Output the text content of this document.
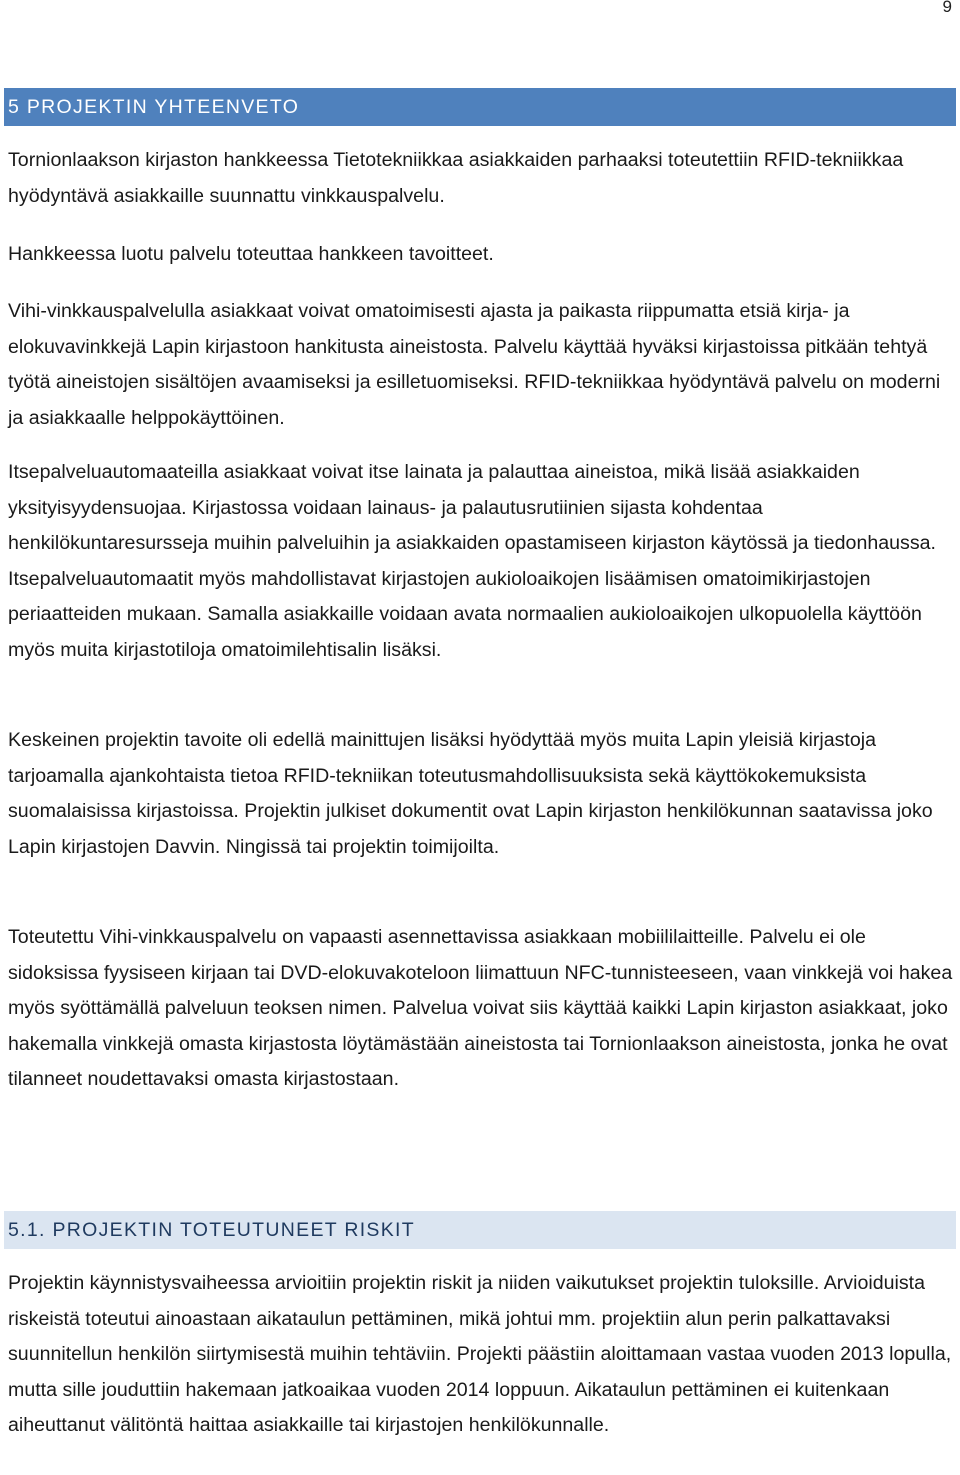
9
5 PROJEKTIN YHTEENVETO

Tornionlaakson kirjaston hankkeessa Tietotekniikkaa asiakkaiden parhaaksi toteutettiin RFID-tekniikkaa hyödyntävä asiakkaille suunnattu vinkkauspalvelu.

Hankkeessa luotu palvelu toteuttaa hankkeen tavoitteet.

Vihi-vinkkauspalvelulla asiakkaat voivat omatoimisesti ajasta ja paikasta riippumatta etsiä kirja- ja elokuvavinkkejä Lapin kirjastoon hankitusta aineistosta. Palvelu käyttää hyväksi kirjastoissa pitkään tehtyä työtä aineistojen sisältöjen avaamiseksi ja esilletuomiseksi. RFID-tekniikkaa hyödyntävä palvelu on moderni ja asiakkaalle helppokäyttöinen.

Itsepalveluautomaateilla asiakkaat voivat itse lainata ja palauttaa aineistoa, mikä lisää asiakkaiden yksityisyydensuojaa. Kirjastossa voidaan lainaus- ja palautusrutiinien sijasta kohdentaa henkilökuntaresursseja muihin palveluihin ja asiakkaiden opastamiseen kirjaston käytössä ja tiedonhaussa. Itsepalveluautomaatit myös mahdollistavat kirjastojen aukioloaikojen lisäämisen omatoimikirjastojen periaatteiden mukaan. Samalla asiakkaille voidaan avata normaalien aukioloaikojen ulkopuolella käyttöön myös muita kirjastotiloja omatoimilehtisalin lisäksi.

Keskeinen projektin tavoite oli edellä mainittujen lisäksi hyödyttää myös muita Lapin yleisiä kirjastoja tarjoamalla ajankohtaista tietoa RFID-tekniikan toteutusmahdollisuuksista sekä käyttökokemuksista suomalaisissa kirjastoissa. Projektin julkiset dokumentit ovat Lapin kirjaston henkilökunnan saatavissa joko Lapin kirjastojen Davvin. Ningissä tai projektin toimijoilta.

Toteutettu Vihi-vinkkauspalvelu on vapaasti asennettavissa asiakkaan mobiililaitteille. Palvelu ei ole sidoksissa fyysiseen kirjaan tai DVD-elokuvakoteloon liimattuun NFC-tunnisteeseen, vaan vinkkejä voi hakea myös syöttämällä palveluun teoksen nimen. Palvelua voivat siis käyttää kaikki Lapin kirjaston asiakkaat, joko hakemalla vinkkejä omasta kirjastosta löytämästään aineistosta tai Tornionlaakson aineistosta, jonka he ovat tilanneet noudettavaksi omasta kirjastostaan.

5.1. PROJEKTIN TOTEUTUNEET RISKIT

Projektin käynnistysvaiheessa arvioitiin projektin riskit ja niiden vaikutukset projektin tuloksille. Arvioiduista riskeistä toteutui ainoastaan aikataulun pettäminen, mikä johtui mm. projektiin alun perin palkattavaksi suunnitellun henkilön siirtymisestä muihin tehtäviin. Projekti päästiin aloittamaan vastaa vuoden 2013 lopulla, mutta sille jouduttiin hakemaan jatkoaikaa vuoden 2014 loppuun. Aikataulun pettäminen ei kuitenkaan aiheuttanut välitöntä haittaa asiakkaille tai kirjastojen henkilökunnalle.
